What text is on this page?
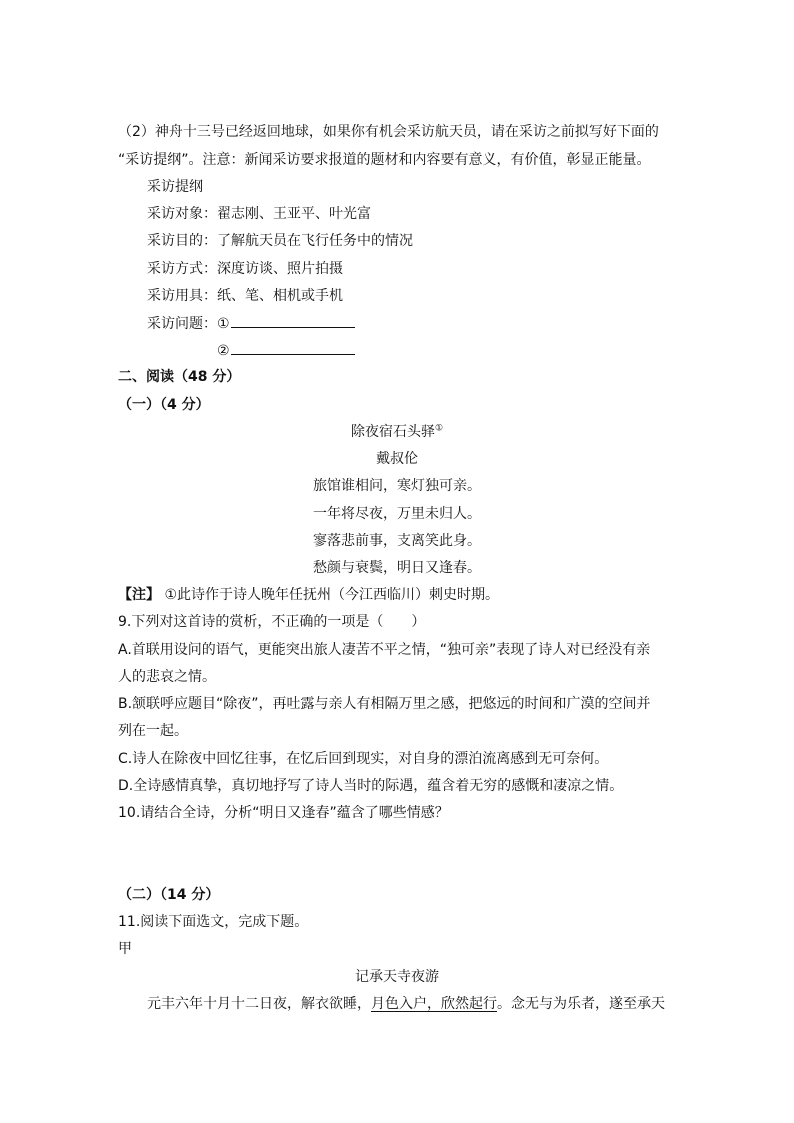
（2）神舟十三号已经返回地球，如果你有机会采访航天员，请在采访之前拟写好下面的
“采访提纲”。注意：新闻采访要求报道的题材和内容要有意义，有价值，彰显正能量。
采访提纲
采访对象：翟志刚、王亚平、叶光富
采访目的：了解航天员在飞行任务中的情况
采访方式：深度访谈、照片拍摄
采访用具：纸、笔、相机或手机
采访问题：①
②
二、阅读（48 分）
（一）（4 分）
除夜宿石头驿①
戴叔伦
旅馆谁相问，寒灯独可亲。
一年将尽夜，万里未归人。
寥落悲前事，支离笑此身。
愁颜与衰鬓，明日又逢春。
【注】 ①此诗作于诗人晚年任抚州（今江西临川）刺史时期。
9.下列对这首诗的赏析，不正确的一项是（　　）
A.首联用设问的语气，更能突出旅人凄苦不平之情，“独可亲”表现了诗人对已经没有亲
人的悲哀之情。
B.颔联呼应题目“除夜”，再吐露与亲人有相隔万里之感，把悠远的时间和广漠的空间并
列在一起。
C.诗人在除夜中回忆往事，在忆后回到现实，对自身的漂泊流离感到无可奈何。
D.全诗感情真挚，真切地抒写了诗人当时的际遇，蕴含着无穷的感慨和凄凉之情。
10.请结合全诗，分析“明日又逢春”蕴含了哪些情感？
（二）（14 分）
11.阅读下面选文，完成下题。
甲
记承天寺夜游
元丰六年十月十二日夜，解衣欲睡，月色入户，欣然起行。念无与为乐者，遂至承天
